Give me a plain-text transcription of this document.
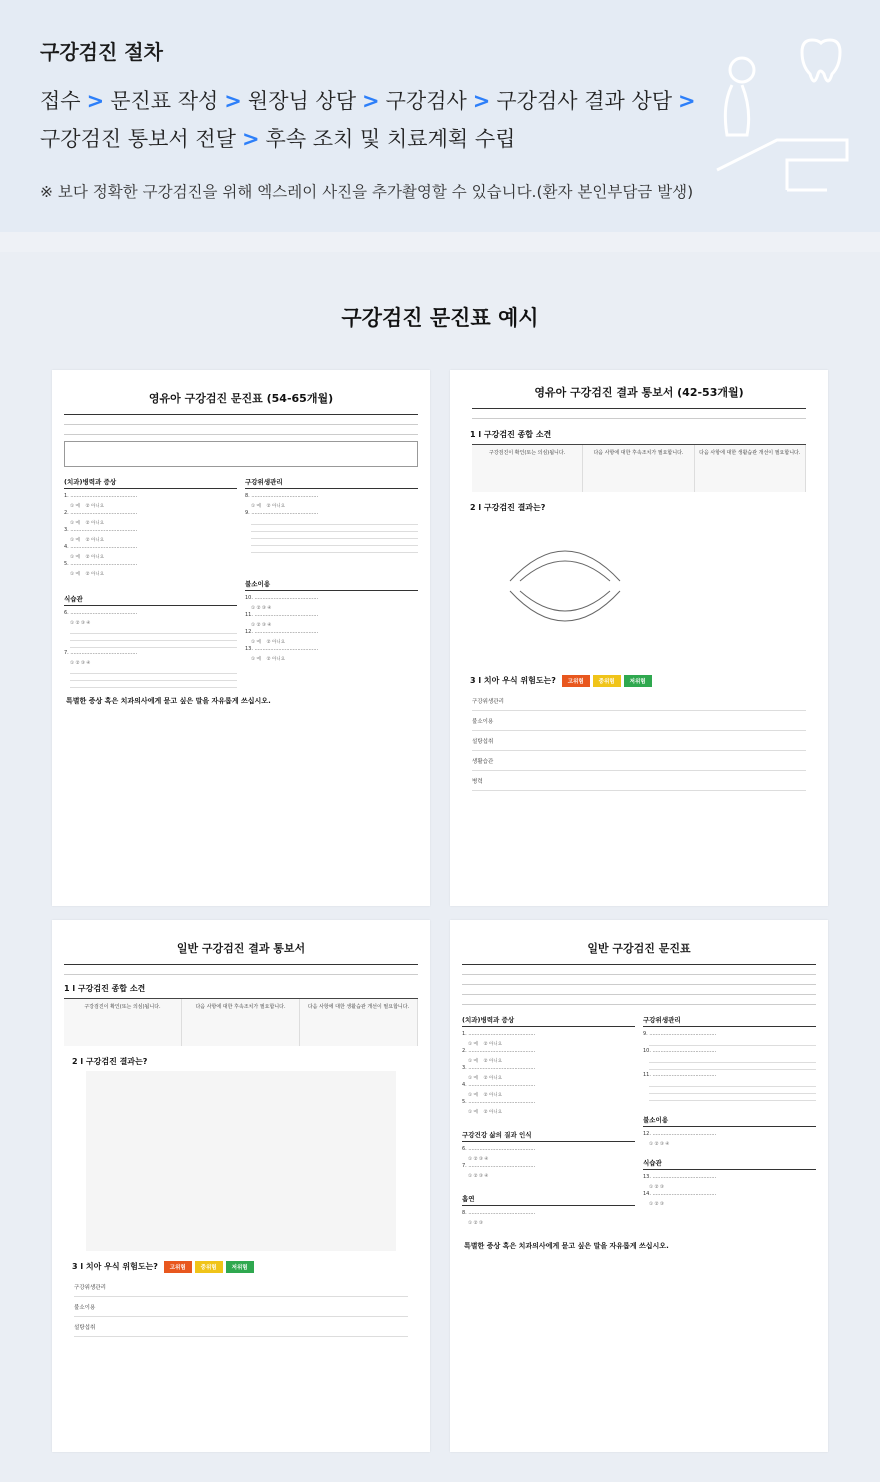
구강검진 절차
접수 > 문진표 작성 > 원장님 상담 > 구강검사 > 구강검사 결과 상담 >
구강검진 통보서 전달 > 후속 조치 및 치료계획 수립
※ 보다 정확한 구강검진을 위해 엑스레이 사진을 추가촬영할 수 있습니다.(환자 본인부담금 발생)
구강검진 문진표 예시
영유아 구강검진 문진표 (54-65개월)
(치과)병력과 증상
1. ..........................................
① 예    ② 아니요
2. ..........................................
① 예    ② 아니요
3. ..........................................
① 예    ② 아니요
4. ..........................................
① 예    ② 아니요
5. ..........................................
① 예    ② 아니요
식습관
6. ..........................................
① ② ③ ④
7. ..........................................
① ② ③ ④
구강위생관리
8. ..........................................
① 예    ② 아니요
9. ..........................................
불소이용
10. ........................................
① ② ③ ④
11. ........................................
① ② ③ ④
12. ........................................
① 예    ② 아니요
13. ........................................
① 예    ② 아니요
특별한 증상 혹은 치과의사에게 묻고 싶은 말을 자유롭게 쓰십시오.
영유아 구강검진 결과 통보서 (42-53개월)
1 l 구강검진 종합 소견
구강검진이 확인(또는 의심)됩니다.	다음 사항에 대한 후속조치가 필요합니다.	다음 사항에 대한 생활습관 개선이 필요합니다.
2 l 구강검진 결과는?
3 l 치아 우식 위험도는? 고위험	중위험	저위험
구강위생관리
불소이용
설탕섭취
생활습관
병력
일반 구강검진 결과 통보서
1 l 구강검진 종합 소견
구강검진이 확인(또는 의심)됩니다.	다음 사항에 대한 후속조치가 필요합니다.	다음 사항에 대한 생활습관 개선이 필요합니다.
2 l 구강검진 결과는?
3 l 치아 우식 위험도는? 고위험	중위험	저위험
구강위생관리
불소이용
설탕섭취
일반 구강검진 문진표
(치과)병력과 증상
1. ..........................................
① 예    ② 아니요
2. ..........................................
① 예    ② 아니요
3. ..........................................
① 예    ② 아니요
4. ..........................................
① 예    ② 아니요
5. ..........................................
① 예    ② 아니요
구강건강 삶의 질과 인식
6. ..........................................
① ② ③ ④
7. ..........................................
① ② ③ ④
흡연
8. ..........................................
① ② ③
구강위생관리
9. ..........................................
10. ........................................
11. ........................................
불소이용
12. ........................................
① ② ③ ④
식습관
13. ........................................
① ② ③
14. ........................................
① ② ③
특별한 증상 혹은 치과의사에게 묻고 싶은 말을 자유롭게 쓰십시오.
